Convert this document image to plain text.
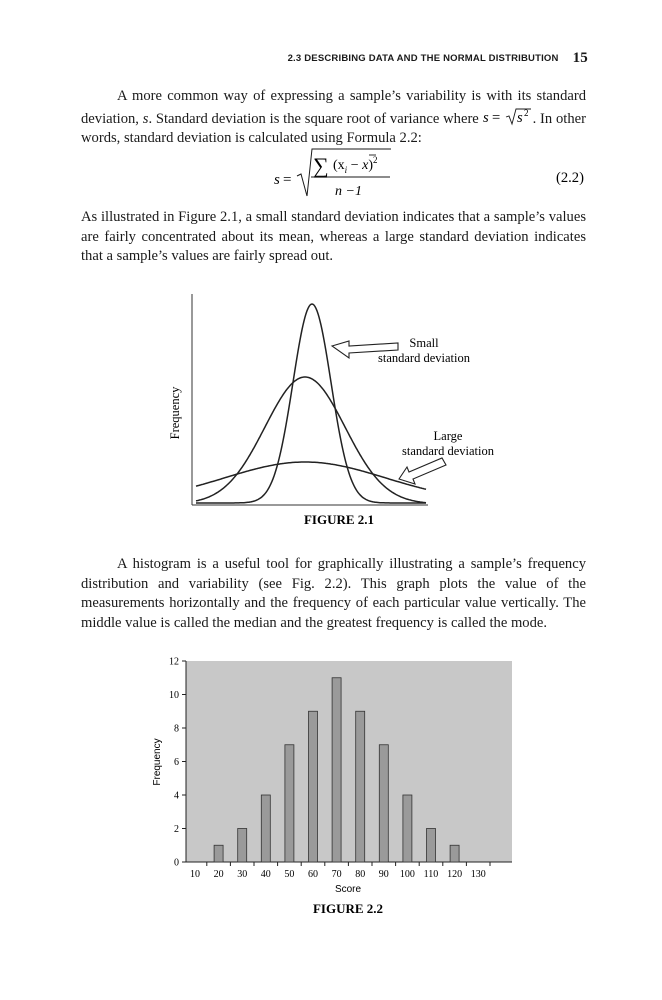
2.3 DESCRIBING DATA AND THE NORMAL DISTRIBUTION 15
A more common way of expressing a sample’s variability is with its standard deviation, s. Standard deviation is the square root of variance where s = s 2 . In other words, standard deviation is calculated using Formula 2.2:
s =
∑ $(x_i - x)^2$
n −1
(2.2)

As illustrated in Figure 2.1, a small standard deviation indicates that a sample’s values are fairly concentrated about its mean, whereas a large standard deviation indicates that a sample’s values are fairly spread out.

Frequency
Small
standard deviation
Large
standard deviation
FIGURE 2.1

A histogram is a useful tool for graphically illustrating a sample’s frequency distribution and variability (see Fig. 2.2). This graph plots the value of the measurements horizontally and the frequency of each particular value vertically. The middle value is called the median and the greatest frequency is called the mode.

0
2
4
6
8
10
12
10 20 30 40 50 60 70 80 90 100 110 120 130
Frequency
Score
FIGURE 2.2
